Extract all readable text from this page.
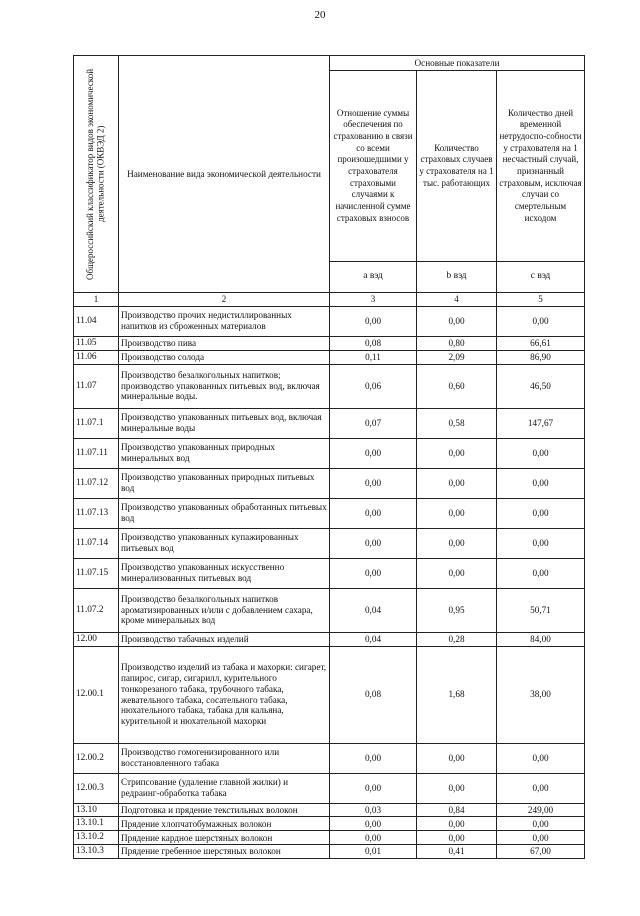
20
Общероссийский классификатор видов экономической деятельности (ОКВЭД 2)	Наименование вида экономической деятельности	Основные показатели		
		Отношение суммы обеспечения по страхованию в связи со всеми произошедшими у страхователя страховыми случаями к начисленной сумме страховых взносов	Количество страховых случаев у страхователя на 1 тыс. работающих	Количество дней временной нетрудоспо-собности у страхователя на 1 несчастный случай, признанный страховым, исключая случаи со смертельным исходом
		a вэд	b вэд	c вэд
1	2	3	4	5
11.04	Производство прочих недистиллированных напитков из сброженных материалов	0,00	0,00	0,00
11.05	Производство пива	0,08	0,80	66,61
11.06	Производство солода	0,11	2,09	86,90
11.07	Производство безалкогольных напитков; производство упакованных питьевых вод, включая минеральные воды.	0,06	0,60	46,50
11.07.1	Производство упакованных питьевых вод, включая минеральные воды	0,07	0,58	147,67
11.07.11	Производство упакованных природных минеральных вод	0,00	0,00	0,00
11.07.12	Производство упакованных природных питьевых вод	0,00	0,00	0,00
11.07.13	Производство упакованных обработанных питьевых вод	0,00	0,00	0,00
11.07.14	Производство упакованных купажированных питьевых вод	0,00	0,00	0,00
11.07.15	Производство упакованных искусственно минерализованных питьевых вод	0,00	0,00	0,00
11.07.2	Производство безалкогольных напитков ароматизированных и/или с добавлением сахара, кроме минеральных вод	0,04	0,95	50,71
12.00	Производство табачных изделий	0,04	0,28	84,00
12.00.1	Производство изделий из табака и махорки: сигарет, папирос, сигар, сигарилл, курительного тонкорезаного табака, трубочного табака, жевательного табака, сосательного табака, нюхательного табака, табака для кальяна, курительной и нюхательной махорки	0,08	1,68	38,00
12.00.2	Производство гомогенизированного или восстановленного табака	0,00	0,00	0,00
12.00.3	Стрипсование (удаление главной жилки) и редраинг-обработка табака	0,00	0,00	0,00
13.10	Подготовка и прядение текстильных волокон	0,03	0,84	249,00
13.10.1	Прядение хлопчатобумажных волокон	0,00	0,00	0,00
13.10.2	Прядение кардное шерстяных волокон	0,00	0,00	0,00
13.10.3	Прядение гребенное шерстяных волокон	0,01	0,41	67,00
